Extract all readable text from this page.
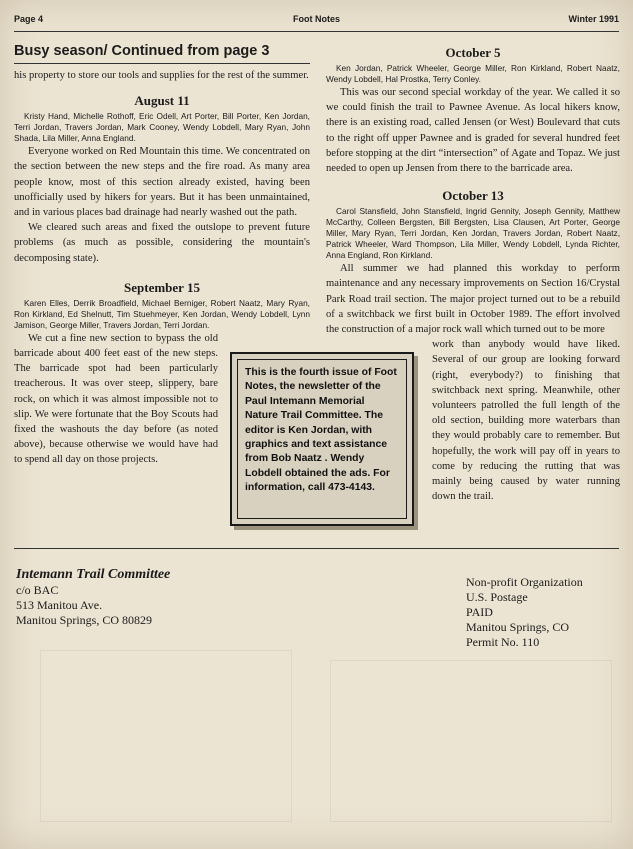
Page 4	Foot Notes	Winter 1991
Busy season/ Continued from page 3

his property to store our tools and supplies for the rest of the summer.

August 11

Kristy Hand, Michelle Rothoff, Eric Odell, Art Porter, Bill Porter, Ken Jordan, Terri Jordan, Travers Jordan, Mark Cooney, Wendy Lobdell, Mary Ryan, John Shada, Lila Miller, Anna England.

Everyone worked on Red Mountain this time. We concentrated on the section between the new steps and the fire road. As many area people know, most of this section already existed, having been unofficially used by hikers for years. But it has been unmaintained, and in various places bad drainage had nearly washed out the path.

We cleared such areas and fixed the outslope to prevent future problems (as much as possible, considering the mountain's decomposing state).

September 15

Karen Elles, Derrik Broadfield, Michael Berniger, Robert Naatz, Mary Ryan, Ron Kirkland, Ed Shelnutt, Tim Stuehmeyer, Ken Jordan, Wendy Lobdell, Lynn Jamison, George Miller, Travers Jordan, Terri Jordan.

We cut a fine new section to bypass the old barricade about 400 feet east of the new steps. The barricade spot had been particularly treacherous. It was over steep, slippery, bare rock, on which it was almost impossible not to slip. We were fortunate that the Boy Scouts had fixed the washouts the day before (as noted above), because otherwise we would have had to spend all day on those projects.

October 5

Ken Jordan, Patrick Wheeler, George Miller, Ron Kirkland, Robert Naatz, Wendy Lobdell, Hal Prostka, Terry Conley.

This was our second special workday of the year. We called it so we could finish the trail to Pawnee Avenue. As local hikers know, there is an existing road, called Jensen (or West) Boulevard that cuts to the right off upper Pawnee and is graded for several hundred feet before stopping at the dirt “intersection” of Agate and Topaz. We just needed to open up Jensen from there to the barricade area.

October 13

Carol Stansfield, John Stansfield, Ingrid Gennity, Joseph Gennity, Matthew McCarthy, Colleen Bergsten, Bill Bergsten, Lisa Clausen, Art Porter, George Miller, Mary Ryan, Terri Jordan, Ken Jordan, Travers Jordan, Robert Naatz, Patrick Wheeler, Ward Thompson, Lila Miller, Wendy Lobdell, Lynda Richter, Anna England, Ron Kirkland.

All summer we had planned this workday to perform maintenance and any necessary improvements on Section 16/Crystal Park Road trail section. The major project turned out to be a rebuild of a switchback we first built in October 1989. The effort involved the construction of a major rock wall which turned out to be more

work than anybody would have liked. Several of our group are looking forward (right, everybody?) to finishing that switchback next spring. Meanwhile, other volunteers patrolled the full length of the old section, building more waterbars than they would probably care to remember. But hopefully, the work will pay off in years to come by reducing the rutting that was mainly being caused by water running down the trail.

This is the fourth issue of Foot Notes, the newsletter of the Paul Intemann Memorial Nature Trail Committee. The editor is Ken Jordan, with graphics and text assistance from Bob Naatz . Wendy Lobdell obtained the ads. For information, call 473-4143.
Intemann Trail Committee
c/o BAC
513 Manitou Ave.
Manitou Springs, CO 80829
Non-profit Organization
U.S. Postage
PAID
Manitou Springs, CO
Permit No. 110
